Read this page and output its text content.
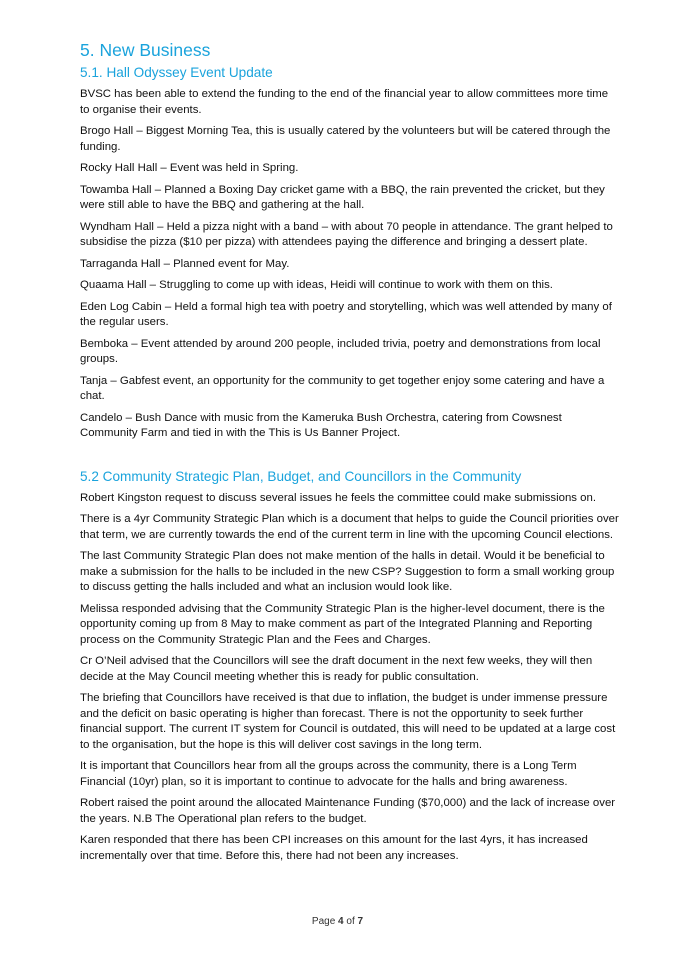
5. New Business
5.1. Hall Odyssey Event Update

BVSC has been able to extend the funding to the end of the financial year to allow committees more time to organise their events.

Brogo Hall – Biggest Morning Tea, this is usually catered by the volunteers but will be catered through the funding.

Rocky Hall Hall – Event was held in Spring.

Towamba Hall – Planned a Boxing Day cricket game with a BBQ, the rain prevented the cricket, but they were still able to have the BBQ and gathering at the hall.

Wyndham Hall – Held a pizza night with a band – with about 70 people in attendance. The grant helped to subsidise the pizza ($10 per pizza) with attendees paying the difference and bringing a dessert plate.

Tarraganda Hall – Planned event for May.

Quaama Hall – Struggling to come up with ideas, Heidi will continue to work with them on this.

Eden Log Cabin – Held a formal high tea with poetry and storytelling, which was well attended by many of the regular users.

Bemboka – Event attended by around 200 people, included trivia, poetry and demonstrations from local groups.

Tanja – Gabfest event, an opportunity for the community to get together enjoy some catering and have a chat.

Candelo – Bush Dance with music from the Kameruka Bush Orchestra, catering from Cowsnest Community Farm and tied in with the This is Us Banner Project.

5.2 Community Strategic Plan, Budget, and Councillors in the Community

Robert Kingston request to discuss several issues he feels the committee could make submissions on.

There is a 4yr Community Strategic Plan which is a document that helps to guide the Council priorities over that term, we are currently towards the end of the current term in line with the upcoming Council elections.

The last Community Strategic Plan does not make mention of the halls in detail. Would it be beneficial to make a submission for the halls to be included in the new CSP? Suggestion to form a small working group to discuss getting the halls included and what an inclusion would look like.

Melissa responded advising that the Community Strategic Plan is the higher-level document, there is the opportunity coming up from 8 May to make comment as part of the Integrated Planning and Reporting process on the Community Strategic Plan and the Fees and Charges.

Cr O’Neil advised that the Councillors will see the draft document in the next few weeks, they will then decide at the May Council meeting whether this is ready for public consultation.

The briefing that Councillors have received is that due to inflation, the budget is under immense pressure and the deficit on basic operating is higher than forecast. There is not the opportunity to seek further financial support. The current IT system for Council is outdated, this will need to be updated at a large cost to the organisation, but the hope is this will deliver cost savings in the long term.

It is important that Councillors hear from all the groups across the community, there is a Long Term Financial (10yr) plan, so it is important to continue to advocate for the halls and bring awareness.

Robert raised the point around the allocated Maintenance Funding ($70,000) and the lack of increase over the years. N.B The Operational plan refers to the budget.

Karen responded that there has been CPI increases on this amount for the last 4yrs, it has increased incrementally over that time. Before this, there had not been any increases.

Page 4 of 7
